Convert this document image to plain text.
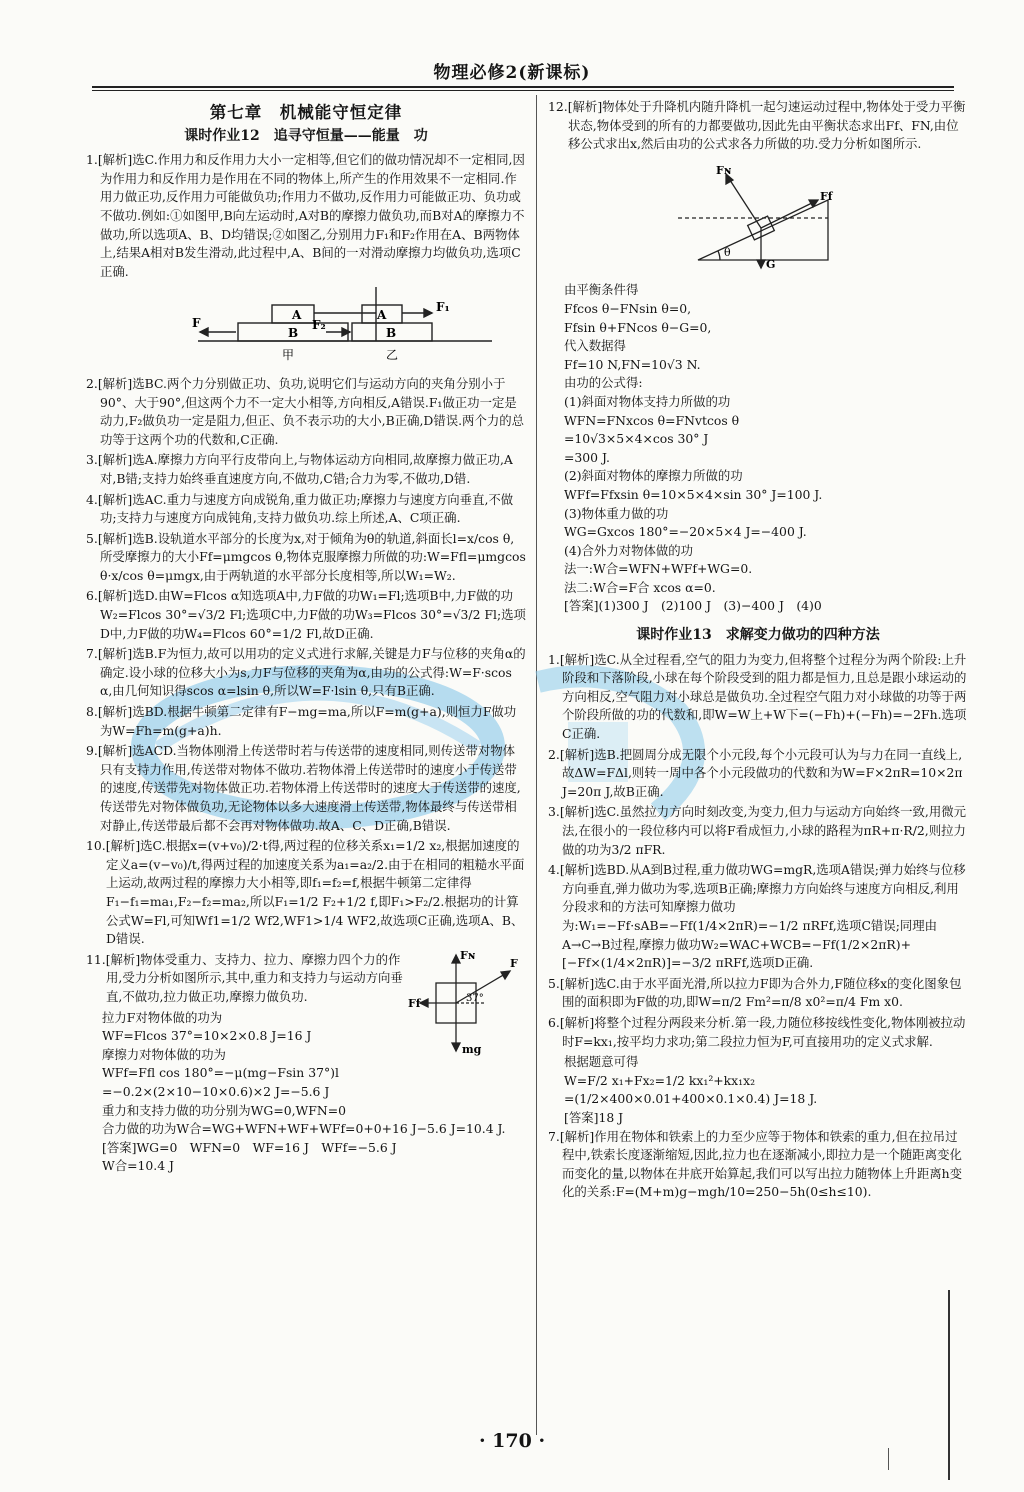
物理必修2(新课标)
第七章　机械能守恒定律
课时作业12　追寻守恒量——能量　功

1.[解析]选C.作用力和反作用力大小一定相等,但它们的做功情况却不一定相同,因为作用力和反作用力是作用在不同的物体上,所产生的作用效果不一定相同.作用力做正功,反作用力可能做负功;作用力不做功,反作用力可能做正功、负功或不做功.例如:①如图甲,B向左运动时,A对B的摩擦力做负功,而B对A的摩擦力不做功,所以选项A、B、D均错误;②如图乙,分别用力F₁和F₂作用在A、B两物体上,结果A相对B发生滑动,此过程中,A、B间的一对滑动摩擦力均做负功,选项C正确.

A
B
F
甲
A
B
F₁
F₂
乙

2.[解析]选BC.两个力分别做正功、负功,说明它们与运动方向的夹角分别小于90°、大于90°,但这两个力不一定大小相等,方向相反,A错误.F₁做正功一定是动力,F₂做负功一定是阻力,但正、负不表示功的大小,B正确,D错误.两个力的总功等于这两个功的代数和,C正确.

3.[解析]选A.摩擦力方向平行皮带向上,与物体运动方向相同,故摩擦力做正功,A对,B错;支持力始终垂直速度方向,不做功,C错;合力为零,不做功,D错.

4.[解析]选AC.重力与速度方向成锐角,重力做正功;摩擦力与速度方向垂直,不做功;支持力与速度方向成钝角,支持力做负功.综上所述,A、C项正确.

5.[解析]选B.设轨道水平部分的长度为x,对于倾角为θ的轨道,斜面长l=x/cos θ,所受摩擦力的大小Ff=μmgcos θ,物体克服摩擦力所做的功:W=Ffl=μmgcos θ·x/cos θ=μmgx,由于两轨道的水平部分长度相等,所以W₁=W₂.

6.[解析]选D.由W=Flcos α知选项A中,力F做的功W₁=Fl;选项B中,力F做的功W₂=Flcos 30°=√3/2 Fl;选项C中,力F做的功W₃=Flcos 30°=√3/2 Fl;选项D中,力F做的功W₄=Flcos 60°=1/2 Fl,故D正确.

7.[解析]选B.F为恒力,故可以用功的定义式进行求解,关键是力F与位移的夹角α的确定.设小球的位移大小为s,力F与位移的夹角为α,由功的公式得:W=F·scos α,由几何知识得scos α=lsin θ,所以W=F·lsin θ,只有B正确.

8.[解析]选BD.根据牛顿第二定律有F−mg=ma,所以F=m(g+a),则恒力F做功为W=Fh=m(g+a)h.

9.[解析]选ACD.当物体刚滑上传送带时若与传送带的速度相同,则传送带对物体只有支持力作用,传送带对物体不做功.若物体滑上传送带时的速度小于传送带的速度,传送带先对物体做正功.若物体滑上传送带时的速度大于传送带的速度,传送带先对物体做负功,无论物体以多大速度滑上传送带,物体最终与传送带相对静止,传送带最后都不会再对物体做功.故A、C、D正确,B错误.

10.[解析]选C.根据x=(v+v₀)/2·t得,两过程的位移关系x₁=1/2 x₂,根据加速度的定义a=(v−v₀)/t,得两过程的加速度关系为a₁=a₂/2.由于在相同的粗糙水平面上运动,故两过程的摩擦力大小相等,即f₁=f₂=f,根据牛顿第二定律得F₁−f₁=ma₁,F₂−f₂=ma₂,所以F₁=1/2 F₂+1/2 f,即F₁>F₂/2.根据功的计算公式W=Fl,可知Wf1=1/2 Wf2,WF1>1/4 WF2,故选项C正确,选项A、B、D错误.

11.[解析]物体受重力、支持力、拉力、摩擦力四个力的作用,受力分析如图所示,其中,重力和支持力与运动方向垂直,不做功,拉力做正功,摩擦力做负功.

Fɴ
F
Ff
mg
37°
拉力F对物体做的功为
WF=Flcos 37°=10×2×0.8 J=16 J
摩擦力对物体做的功为
WFf=Ffl cos 180°=−μ(mg−Fsin 37°)l
=−0.2×(2×10−10×0.6)×2 J=−5.6 J
重力和支持力做的功分别为WG=0,WFN=0
合力做的功为W合=WG+WFN+WF+WFf=0+0+16 J−5.6 J=10.4 J.
[答案]WG=0　WFN=0　WF=16 J　WFf=−5.6 J
W合=10.4 J

12.[解析]物体处于升降机内随升降机一起匀速运动过程中,物体处于受力平衡状态,物体受到的所有的力都要做功,因此先由平衡状态求出Ff、FN,由位移公式求出x,然后由功的公式求各力所做的功.受力分析如图所示.

Fɴ
Ff
G
θ
由平衡条件得
Ffcos θ−FNsin θ=0,
Ffsin θ+FNcos θ−G=0,
代入数据得
Ff=10 N,FN=10√3 N.
由功的公式得:
(1)斜面对物体支持力所做的功
WFN=FNxcos θ=FNvtcos θ
=10√3×5×4×cos 30° J
=300 J.
(2)斜面对物体的摩擦力所做的功
WFf=Ffxsin θ=10×5×4×sin 30° J=100 J.
(3)物体重力做的功
WG=Gxcos 180°=−20×5×4 J=−400 J.
(4)合外力对物体做的功
法一:W合=WFN+WFf+WG=0.
法二:W合=F合 xcos α=0.
[答案](1)300 J　(2)100 J　(3)−400 J　(4)0
课时作业13　求解变力做功的四种方法

1.[解析]选C.从全过程看,空气的阻力为变力,但将整个过程分为两个阶段:上升阶段和下落阶段,小球在每个阶段受到的阻力都是恒力,且总是跟小球运动的方向相反,空气阻力对小球总是做负功.全过程空气阻力对小球做的功等于两个阶段所做的功的代数和,即W=W上+W下=(−Fh)+(−Fh)=−2Fh.选项C正确.

2.[解析]选B.把圆周分成无限个小元段,每个小元段可认为与力在同一直线上,故ΔW=FΔl,则转一周中各个小元段做功的代数和为W=F×2πR=10×2π J=20π J,故B正确.

3.[解析]选C.虽然拉力方向时刻改变,为变力,但力与运动方向始终一致,用微元法,在很小的一段位移内可以将F看成恒力,小球的路程为πR+π·R/2,则拉力做的功为3/2 πFR.

4.[解析]选BD.从A到B过程,重力做功WG=mgR,选项A错误;弹力始终与位移方向垂直,弹力做功为零,选项B正确;摩擦力方向始终与速度方向相反,利用分段求和的方法可知摩擦力做功为:W₁=−Ff·sAB=−Ff(1/4×2πR)=−1/2 πRFf,选项C错误;同理由A→C→B过程,摩擦力做功W₂=WAC+WCB=−Ff(1/2×2πR)+[−Ff×(1/4×2πR)]=−3/2 πRFf,选项D正确.

5.[解析]选C.由于水平面光滑,所以拉力F即为合外力,F随位移x的变化图象包围的面积即为F做的功,即W=π/2 Fm²=π/8 x0²=π/4 Fm x0.

6.[解析]将整个过程分两段来分析.第一段,力随位移按线性变化,物体刚被拉动时F=kx₁,按平均力求功;第二段拉力恒为F,可直接用功的定义式求解.

根据题意可得
W=F/2 x₁+Fx₂=1/2 kx₁²+kx₁x₂
=(1/2×400×0.01+400×0.1×0.4) J=18 J.
[答案]18 J

7.[解析]作用在物体和铁索上的力至少应等于物体和铁索的重力,但在拉吊过程中,铁索长度逐渐缩短,因此,拉力也在逐渐减小,即拉力是一个随距离变化而变化的量,以物体在井底开始算起,我们可以写出拉力随物体上升距离h变化的关系:F=(M+m)g−mgh/10=250−5h(0≤h≤10).

· 170 ·
